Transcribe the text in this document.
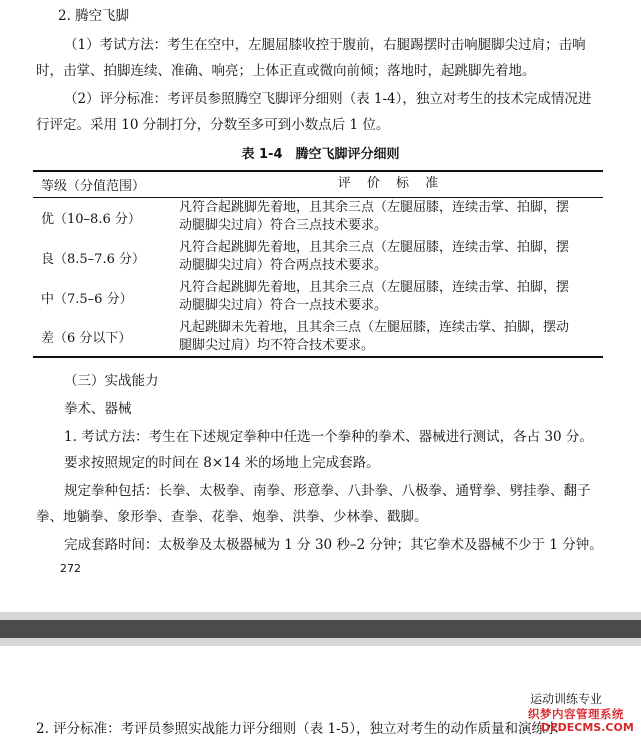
2. 腾空飞脚
（1）考试方法：考生在空中，左腿屈膝收控于腹前，右腿踢摆时击响腿脚尖过肩；击响
时，击掌、拍脚连续、准确、响亮；上体正直或微向前倾；落地时，起跳脚先着地。
（2）评分标准：考评员参照腾空飞脚评分细则（表 1-4），独立对考生的技术完成情况进
行评定。采用 10 分制打分，分数至多可到小数点后 1 位。
表 1-4　腾空飞脚评分细则
等级（分值范围）	评 价 标 准
优（10–8.6 分）	凡符合起跳脚先着地，且其余三点（左腿屈膝，连续击掌、拍脚，摆
动腿脚尖过肩）符合三点技术要求。

良（8.5–7.6 分）	凡符合起跳脚先着地，且其余三点（左腿屈膝，连续击掌、拍脚，摆
动腿脚尖过肩）符合两点技术要求。

中（7.5–6 分）	凡符合起跳脚先着地，且其余三点（左腿屈膝，连续击掌、拍脚，摆
动腿脚尖过肩）符合一点技术要求。

差（6 分以下）	凡起跳脚未先着地，且其余三点（左腿屈膝，连续击掌、拍脚，摆动
腿脚尖过肩）均不符合技术要求。
（三）实战能力
拳术、器械
1. 考试方法：考生在下述规定拳种中任选一个拳种的拳术、器械进行测试，各占 30 分。
要求按照规定的时间在 8×14 米的场地上完成套路。
规定拳种包括：长拳、太极拳、南拳、形意拳、八卦拳、八极拳、通臂拳、劈挂拳、翻子
拳、地躺拳、象形拳、查拳、花拳、炮拳、洪拳、少林拳、戳脚。
完成套路时间：太极拳及太极器械为 1 分 30 秒–2 分钟；其它拳术及器械不少于 1 分钟。
272
运动训练专业
2. 评分标准：考评员参照实战能力评分细则（表 1-5），独立对考生的动作质量和演练水
织梦内容管理系统
DEDECMS.COM
